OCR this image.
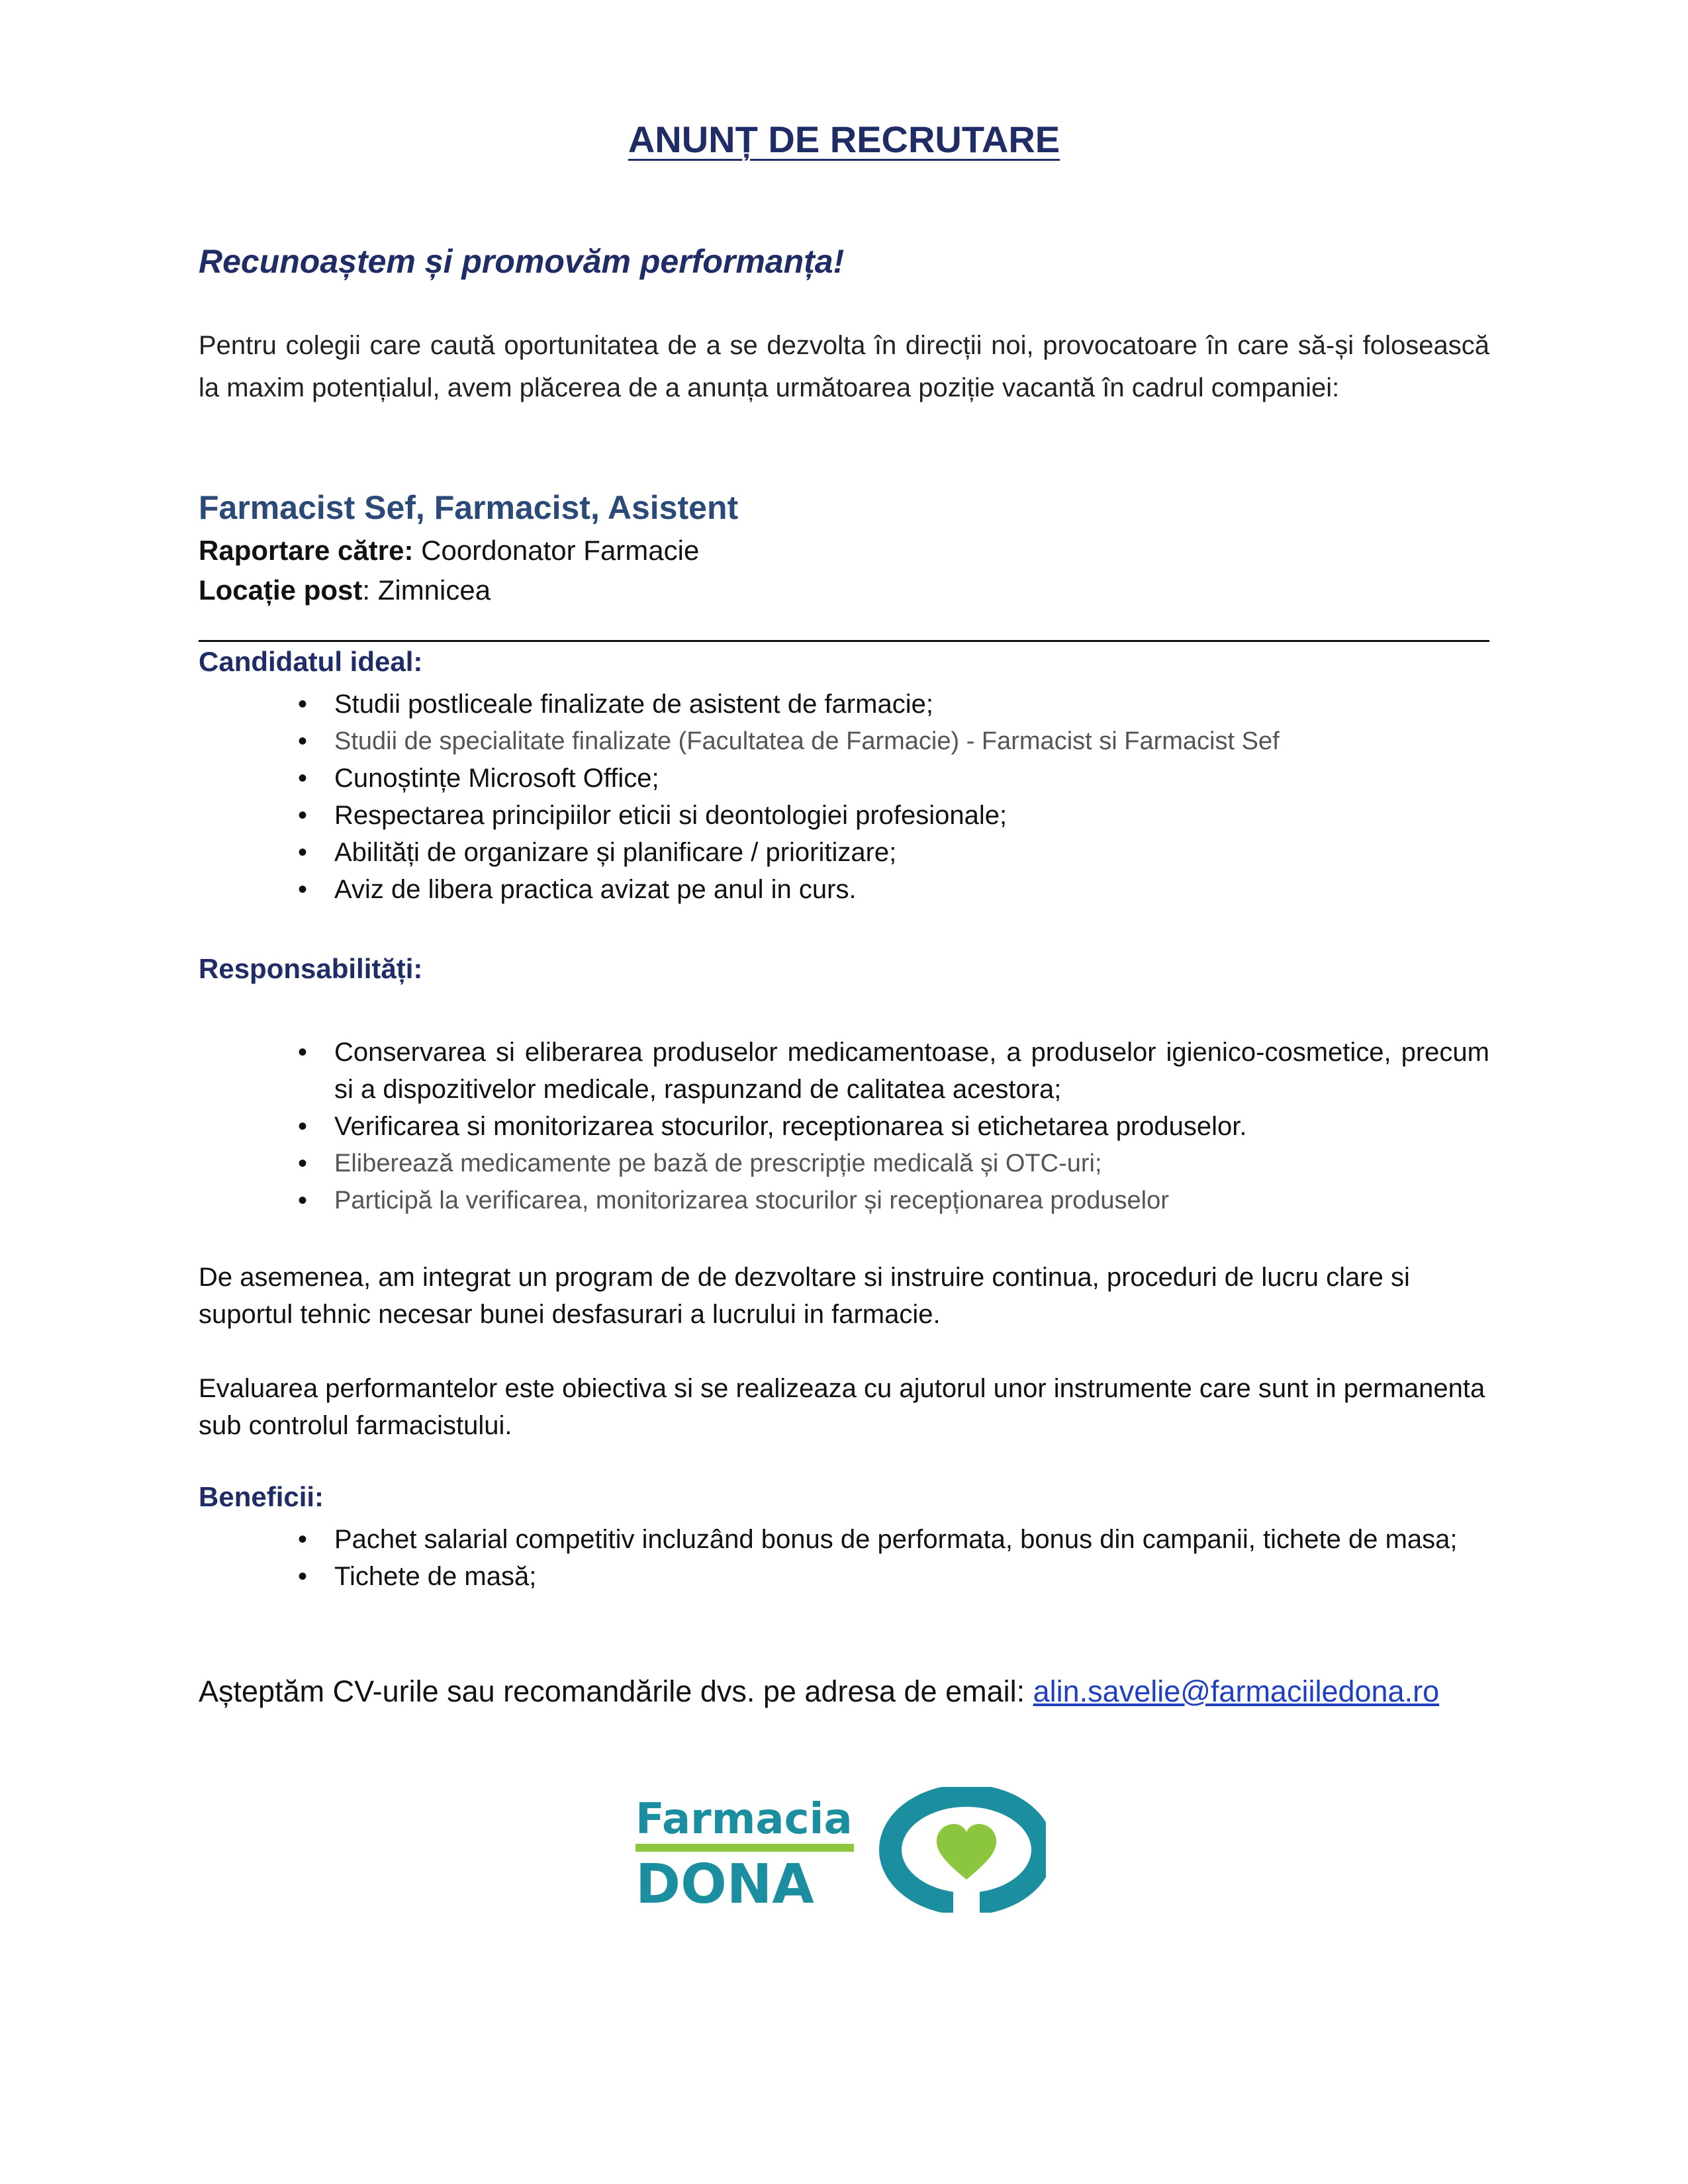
ANUNȚ DE RECRUTARE
Recunoaștem și promovăm performanța!
Pentru colegii care caută oportunitatea de a se dezvolta în direcții noi, provocatoare în care să-și folosească la maxim potențialul, avem plăcerea de a anunța următoarea poziție vacantă în cadrul companiei:
Farmacist Sef, Farmacist, Asistent
Raportare către: Coordonator Farmacie
Locație post: Zimnicea
Candidatul ideal:
• Studii postliceale finalizate de asistent de farmacie;
• Studii de specialitate finalizate (Facultatea de Farmacie) - Farmacist si Farmacist Sef
• Cunoștințe Microsoft Office;
• Respectarea principiilor eticii si deontologiei profesionale;
• Abilități de organizare și planificare / prioritizare;
• Aviz de libera practica avizat pe anul in curs.
Responsabilități:
• Conservarea si eliberarea produselor medicamentoase, a produselor igienico-cosmetice, precum si a dispozitivelor medicale, raspunzand de calitatea acestora;
• Verificarea si monitorizarea stocurilor, receptionarea si etichetarea produselor.
• Eliberează medicamente pe bază de prescripție medicală și OTC-uri;
• Participă la verificarea, monitorizarea stocurilor și recepționarea produselor
De asemenea, am integrat un program de de dezvoltare si instruire continua, proceduri de lucru clare si suportul tehnic necesar bunei desfasurari a lucrului in farmacie.
Evaluarea performantelor este obiectiva si se realizeaza cu ajutorul unor instrumente care sunt in permanenta sub controlul farmacistului.
Beneficii:
• Pachet salarial competitiv incluzând bonus de performata, bonus din campanii, tichete de masa;
• Tichete de masă;
Așteptăm CV-urile sau recomandările dvs. pe adresa de email: alin.savelie@farmaciiledona.ro
Farmacia
DONA
